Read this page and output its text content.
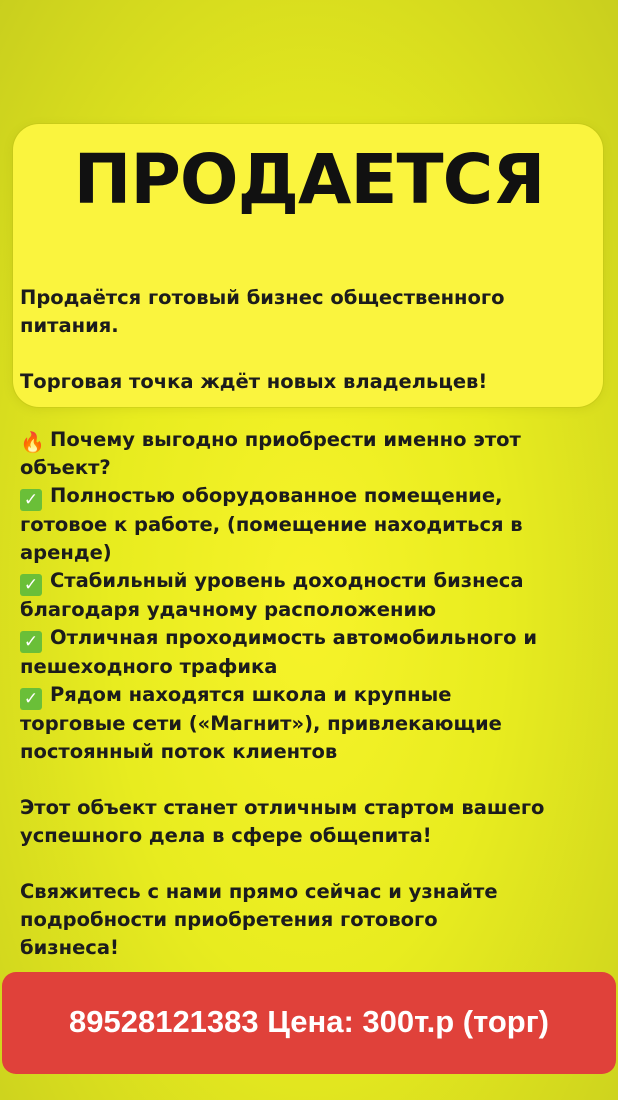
ПРОДАЕТСЯ

Продаётся готовый бизнес общественного

питания.

Торговая точка ждёт новых владельцев!

🔥 Почему выгодно приобрести именно этот

объект?

✓ Полностью оборудованное помещение,

готовое к работе, (помещение находиться в

аренде)

✓ Стабильный уровень доходности бизнеса

благодаря удачному расположению

✓ Отличная проходимость автомобильного и

пешеходного трафика

✓ Рядом находятся школа и крупные

торговые сети («Магнит»), привлекающие

постоянный поток клиентов

Этот объект станет отличным стартом вашего

успешного дела в сфере общепита!

Свяжитесь с нами прямо сейчас и узнайте

подробности приобретения готового

бизнеса!

89528121383 Цена: 300т.р (торг)
